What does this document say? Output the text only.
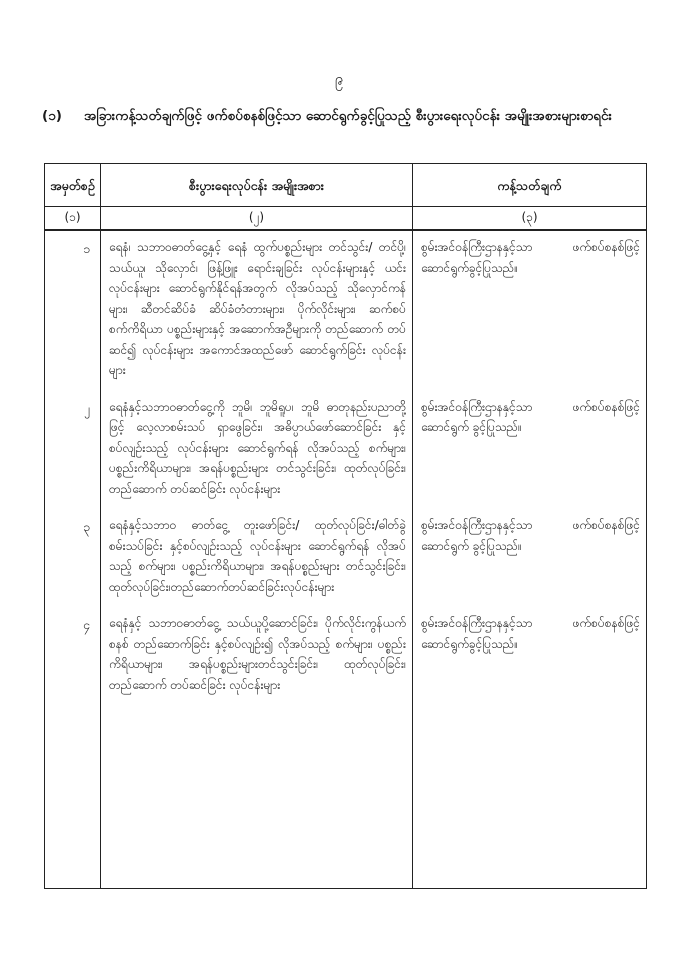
၉
(၁)	အခြားကန့်သတ်ချက်ဖြင့် ဖက်စပ်စနစ်ဖြင့်သာ ဆောင်ရွက်ခွင့်ပြုသည့် စီးပွားရေးလုပ်ငန်း အမျိုးအစားများစာရင်း
အမှတ်စဉ်	စီးပွားရေးလုပ်ငန်း အမျိုးအစား	ကန့်သတ်ချက်
(၁)	(၂)	(၃)
၁	ရေနံ၊ သဘာဝဓာတ်ငွေ့နှင့် ရေနံ ထွက်ပစ္စည်းများ တင်သွင်း/ တင်ပို့၊ သယ်ယူ၊ သိုလှောင်၊ ဖြန့်ဖြူး ရောင်းချခြင်း လုပ်ငန်းများနှင့် ယင်းလုပ်ငန်းများ ဆောင်ရွက်နိုင်ရန်အတွက် လိုအပ်သည့် သိုလှောင်ကန်များ၊ ဆီတင်ဆိပ်ခံ ဆိပ်ခံတံတားများ၊ ပိုက်လိုင်းများ၊ ဆက်စပ် စက်ကိရိယာ ပစ္စည်းများနှင့် အဆောက်အဦများကို တည်ဆောက် တပ်ဆင်၍ လုပ်ငန်းများ အကောင်အထည်ဖော် ဆောင်ရွက်ခြင်း လုပ်ငန်းများ	စွမ်းအင်ဝန်ကြီးဌာနနှင့်သာ ဖက်စပ်စနစ်ဖြင့် ဆောင်ရွက်ခွင့်ပြုသည်။
၂	ရေနံနှင့်သဘာဝဓာတ်ငွေ့ကို ဘူမိ၊ ဘူမိရူပ၊ ဘူမိ ဓာတုနည်းပညာတို့ဖြင့် လေ့လာစမ်းသပ် ရှာဖွေခြင်း၊ အဓိပ္ပာယ်ဖော်ဆောင်ခြင်း နှင့်စပ်လျဉ်းသည့် လုပ်ငန်းများ ဆောင်ရွက်ရန် လိုအပ်သည့် စက်များ၊ ပစ္စည်းကိရိယာများ၊ အရန်ပစ္စည်းများ တင်သွင်းခြင်း၊ ထုတ်လုပ်ခြင်း၊ တည်ဆောက် တပ်ဆင်ခြင်း လုပ်ငန်းများ	စွမ်းအင်ဝန်ကြီးဌာနနှင့်သာ ဖက်စပ်စနစ်ဖြင့် ဆောင်ရွက် ခွင့်ပြုသည်။
၃	ရေနံနှင့်သဘာဝ ဓာတ်ငွေ့ တူးဖော်ခြင်း/ ထုတ်လုပ်ခြင်း/ဓါတ်ခွဲစမ်းသပ်ခြင်း နှင့်စပ်လျဉ်းသည့် လုပ်ငန်းများ ဆောင်ရွက်ရန် လိုအပ်သည့် စက်များ၊ ပစ္စည်းကိရိယာများ၊ အရန်ပစ္စည်းများ တင်သွင်းခြင်း၊ ထုတ်လုပ်ခြင်း၊တည်ဆောက်တပ်ဆင်ခြင်းလုပ်ငန်းများ	စွမ်းအင်ဝန်ကြီးဌာနနှင့်သာ ဖက်စပ်စနစ်ဖြင့် ဆောင်ရွက် ခွင့်ပြုသည်။
၄	ရေနံနှင့် သဘာဝဓာတ်ငွေ့ သယ်ယူပို့ဆောင်ခြင်း၊ ပိုက်လိုင်းကွန်ယက်စနစ် တည်ဆောက်ခြင်း နှင့်စပ်လျဉ်း၍ လိုအပ်သည့် စက်များ၊ ပစ္စည်းကိရိယာများ၊ အရန်ပစ္စည်းများတင်သွင်းခြင်း၊ ထုတ်လုပ်ခြင်း၊ တည်ဆောက် တပ်ဆင်ခြင်း လုပ်ငန်းများ	စွမ်းအင်ဝန်ကြီးဌာနနှင့်သာ ဖက်စပ်စနစ်ဖြင့် ဆောင်ရွက်ခွင့်ပြုသည်။
